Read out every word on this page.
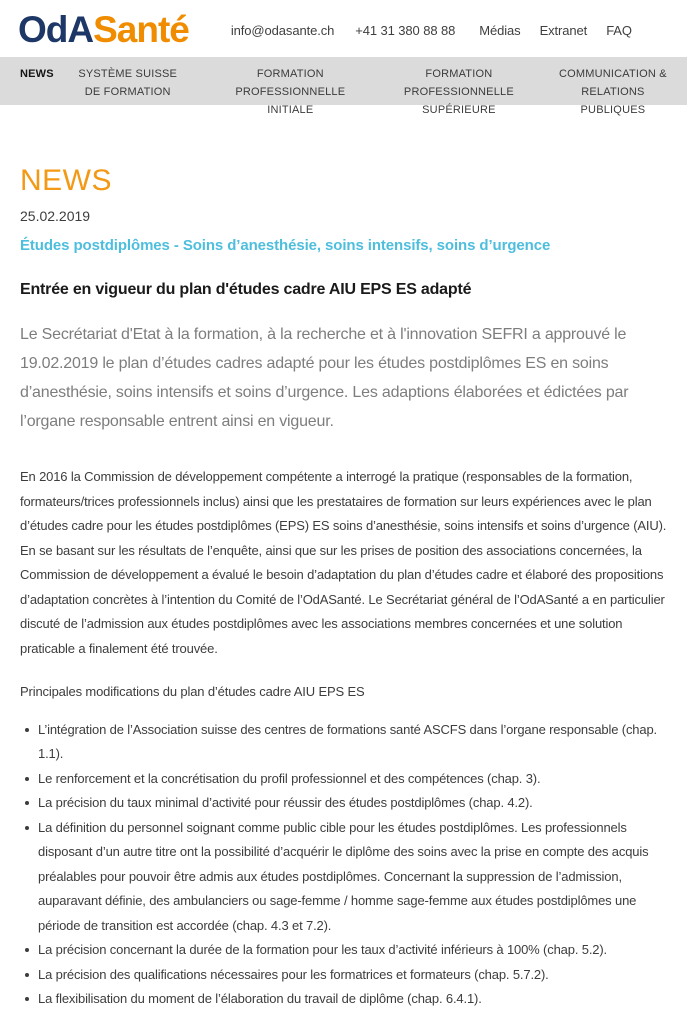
OdASanté	info@odasante.ch +41 31 380 88 88 Médias Extranet FAQ
NEWS SYSTÈME SUISSE DE FORMATION
FORMATION PROFESSIONNELLE INITIALE
FORMATION PROFESSIONNELLE SUPÉRIEURE
COMMUNICATION & RELATIONS PUBLIQUES
NEWS
25.02.2019
Études postdiplômes - Soins d’anesthésie, soins intensifs, soins d’urgence
Entrée en vigueur du plan d'études cadre AIU EPS ES adapté

Le Secrétariat d'Etat à la formation, à la recherche et à l'innovation SEFRI a approuvé le 19.02.2019 le plan d’études cadres adapté pour les études postdiplômes ES en soins d’anesthésie, soins intensifs et soins d’urgence. Les adaptions élaborées et édictées par l’organe responsable entrent ainsi en vigueur.

En 2016 la Commission de développement compétente a interrogé la pratique (responsables de la formation, formateurs/trices professionnels inclus) ainsi que les prestataires de formation sur leurs expériences avec le plan d’études cadre pour les études postdiplômes (EPS) ES soins d’anesthésie, soins intensifs et soins d’urgence (AIU). En se basant sur les résultats de l’enquête, ainsi que sur les prises de position des associations concernées, la Commission de développement a évalué le besoin d’adaptation du plan d’études cadre et élaboré des propositions d’adaptation concrètes à l’intention du Comité de l’OdASanté. Le Secrétariat général de l’OdASanté a en particulier discuté de l’admission aux études postdiplômes avec les associations membres concernées et une solution praticable a finalement été trouvée.

Principales modifications du plan d’études cadre AIU EPS ES

L’intégration de l’Association suisse des centres de formations santé ASCFS dans l’organe responsable (chap. 1.1).
Le renforcement et la concrétisation du profil professionnel et des compétences (chap. 3).
La précision du taux minimal d’activité pour réussir des études postdiplômes (chap. 4.2).
La définition du personnel soignant comme public cible pour les études postdiplômes. Les professionnels disposant d’un autre titre ont la possibilité d’acquérir le diplôme des soins avec la prise en compte des acquis préalables pour pouvoir être admis aux études postdiplômes. Concernant la suppression de l’admission, auparavant définie, des ambulanciers ou sage-femme / homme sage-femme aux études postdiplômes une période de transition est accordée (chap. 4.3 et 7.2).
La précision concernant la durée de la formation pour les taux d’activité inférieurs à 100% (chap. 5.2).
La précision des qualifications nécessaires pour les formatrices et formateurs (chap. 5.7.2).
La flexibilisation du moment de l’élaboration du travail de diplôme (chap. 6.4.1).
